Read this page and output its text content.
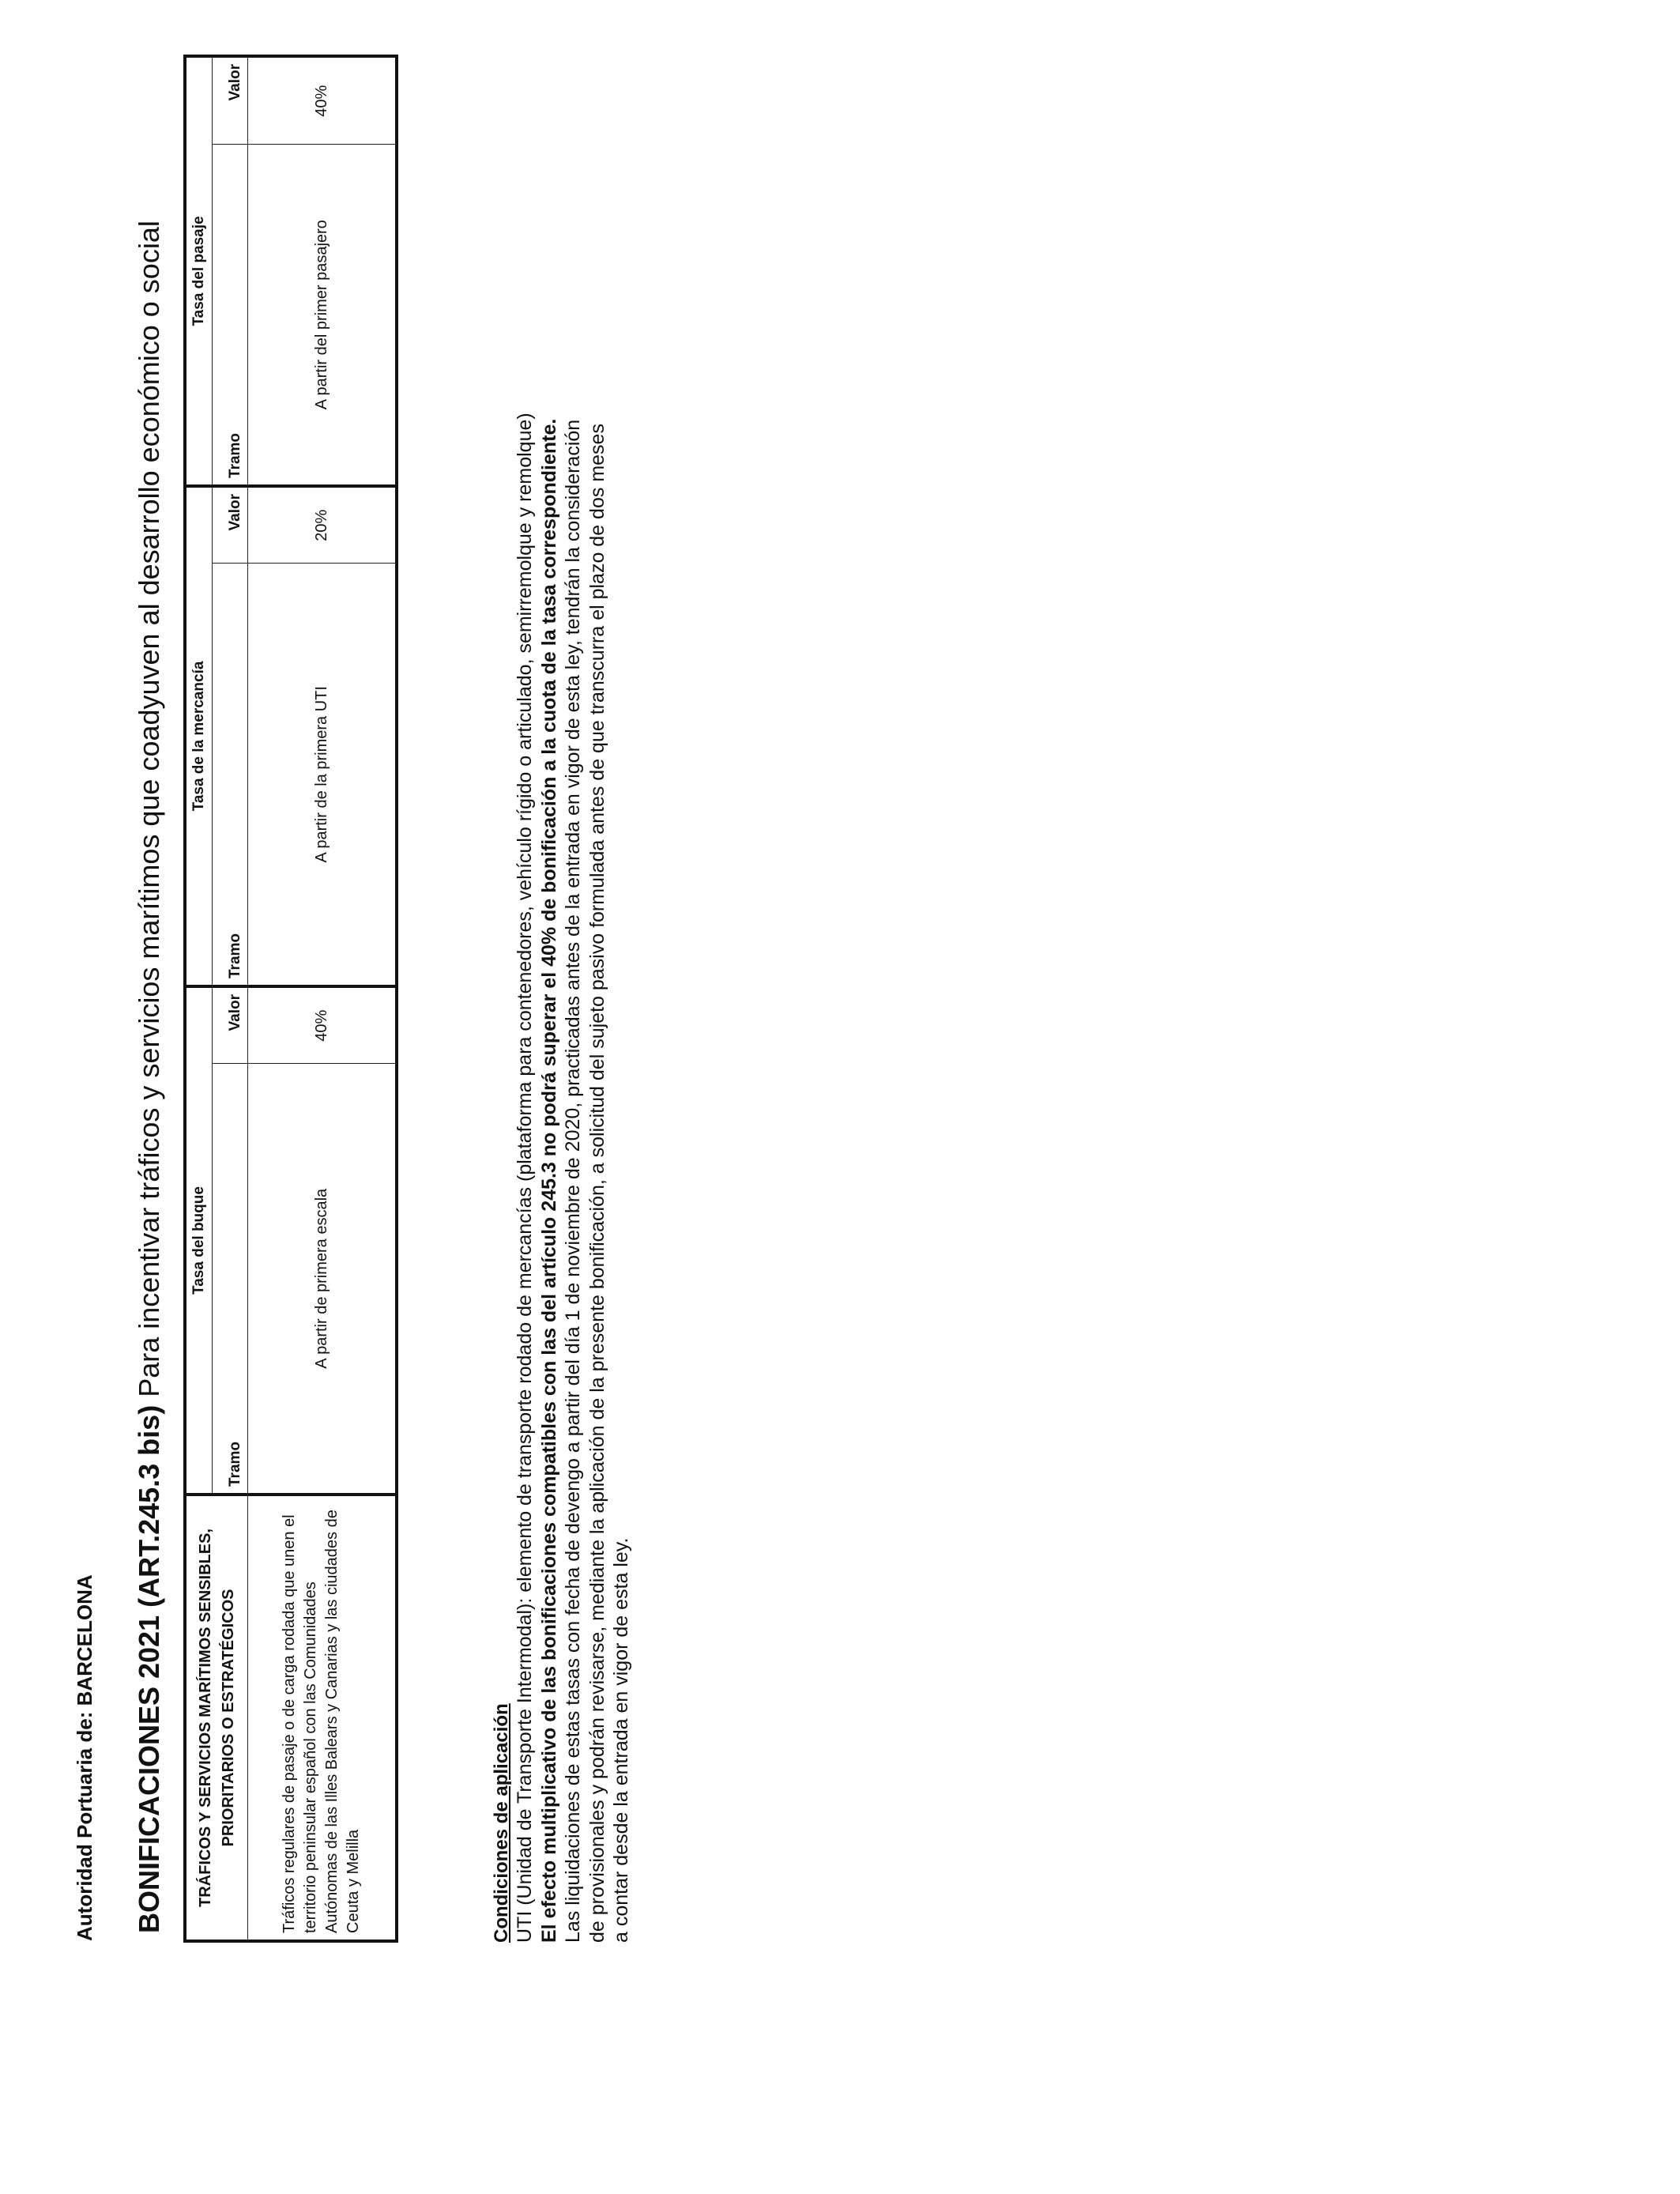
Autoridad Portuaria de: BARCELONA BONIFICACIONES 2021 (ART.245.3 bis) Para incentivar tráficos y servicios marítimos que coadyuven al desarrollo económico o social
TRÁFICOS Y SERVICIOS MARÍTIMOS SENSIBLES, PRIORITARIOS O ESTRATÉGICOS	Tasa del buque		Tasa de la mercancía		Tasa del pasaje	
	Tramo	Valor	Tramo	Valor	Tramo	Valor
Tráficos regulares de pasaje o de carga rodada que unen el territorio peninsular español con las Comunidades Autónomas de las Illes Balears y Canarias y las ciudades de Ceuta y Melilla	A partir de primera escala	40%	A partir de la primera UTI	20%	A partir del primer pasajero	40%
Condiciones de aplicación UTI (Unidad de Transporte Intermodal): elemento de transporte rodado de mercancías (plataforma para contenedores, vehículo rígido o articulado, semirremolque y remolque) El efecto multiplicativo de las bonificaciones compatibles con las del artículo 245.3 no podrá superar el 40% de bonificación a la cuota de la tasa correspondiente. Las liquidaciones de estas tasas con fecha de devengo a partir del día 1 de noviembre de 2020, practicadas antes de la entrada en vigor de esta ley, tendrán la consideración de provisionales y podrán revisarse, mediante la aplicación de la presente bonificación, a solicitud del sujeto pasivo formulada antes de que transcurra el plazo de dos meses a contar desde la entrada en vigor de esta ley.
